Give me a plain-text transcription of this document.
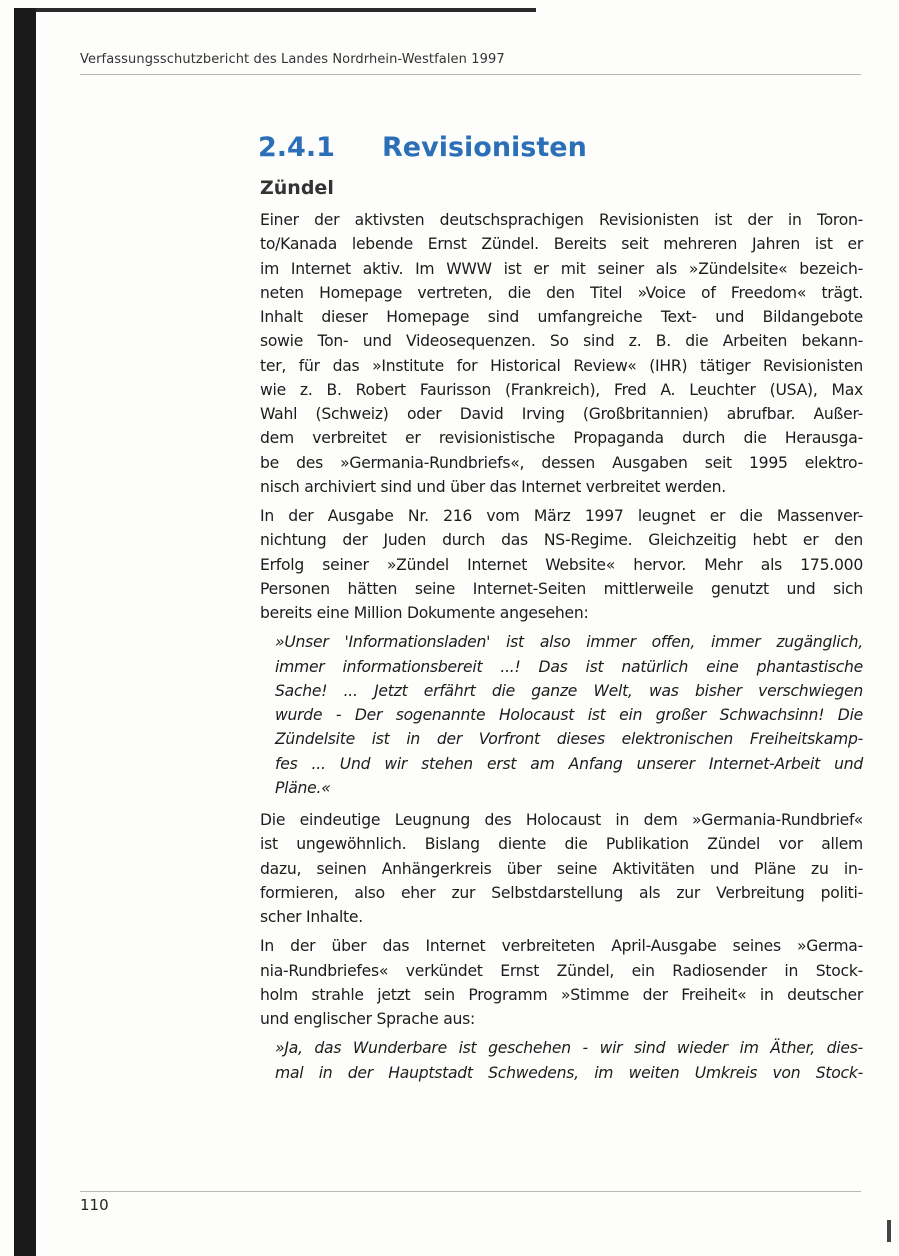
Verfassungsschutzbericht des Landes Nordrhein-Westfalen 1997
2.4.1 Revisionisten
Zündel

Einer der aktivsten deutschsprachigen Revisionisten ist der in Toron-
to/Kanada lebende Ernst Zündel. Bereits seit mehreren Jahren ist er
im Internet aktiv. Im WWW ist er mit seiner als »Zündelsite« bezeich-
neten Homepage vertreten, die den Titel »Voice of Freedom« trägt.
Inhalt dieser Homepage sind umfangreiche Text- und Bildangebote
sowie Ton- und Videosequenzen. So sind z. B. die Arbeiten bekann-
ter, für das »Institute for Historical Review« (IHR) tätiger Revisionisten
wie z. B. Robert Faurisson (Frankreich), Fred A. Leuchter (USA), Max
Wahl (Schweiz) oder David Irving (Großbritannien) abrufbar. Außer-
dem verbreitet er revisionistische Propaganda durch die Herausga-
be des »Germania-Rundbriefs«, dessen Ausgaben seit 1995 elektro-
nisch archiviert sind und über das Internet verbreitet werden.

In der Ausgabe Nr. 216 vom März 1997 leugnet er die Massenver-
nichtung der Juden durch das NS-Regime. Gleichzeitig hebt er den
Erfolg seiner »Zündel Internet Website« hervor. Mehr als 175.000
Personen hätten seine Internet-Seiten mittlerweile genutzt und sich
bereits eine Million Dokumente angesehen:

»Unser 'Informationsladen' ist also immer offen, immer zugänglich,
immer informationsbereit ...! Das ist natürlich eine phantastische
Sache! ... Jetzt erfährt die ganze Welt, was bisher verschwiegen
wurde - Der sogenannte Holocaust ist ein großer Schwachsinn! Die
Zündelsite ist in der Vorfront dieses elektronischen Freiheitskamp-
fes ... Und wir stehen erst am Anfang unserer Internet-Arbeit und
Pläne.«

Die eindeutige Leugnung des Holocaust in dem »Germania-Rundbrief«
ist ungewöhnlich. Bislang diente die Publikation Zündel vor allem
dazu, seinen Anhängerkreis über seine Aktivitäten und Pläne zu in-
formieren, also eher zur Selbstdarstellung als zur Verbreitung politi-
scher Inhalte.

In der über das Internet verbreiteten April-Ausgabe seines »Germa-
nia-Rundbriefes« verkündet Ernst Zündel, ein Radiosender in Stock-
holm strahle jetzt sein Programm »Stimme der Freiheit« in deutscher
und englischer Sprache aus:

»Ja, das Wunderbare ist geschehen - wir sind wieder im Äther, dies-
mal in der Hauptstadt Schwedens, im weiten Umkreis von Stock-

110
